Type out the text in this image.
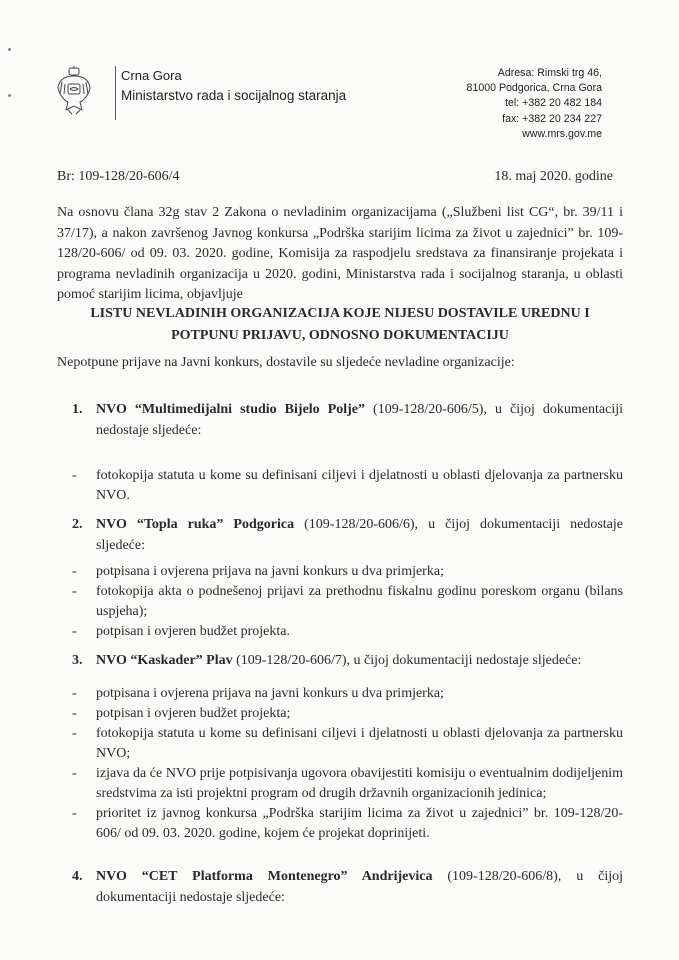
Crna Gora
Ministarstvo rada i socijalnog staranja
Adresa: Rimski trg 46,
81000 Podgorica, Crna Gora
tel: +382 20 482 184
fax: +382 20 234 227
www.mrs.gov.me
Br: 109-128/20-606/4	18. maj 2020. godine
Na osnovu člana 32g stav 2 Zakona o nevladinim organizacijama („Službeni list CG“, br. 39/11 i 37/17), a nakon završenog Javnog konkursa „Podrška starijim licima za život u zajednici” br. 109-128/20-606/ od 09. 03. 2020. godine, Komisija za raspodjelu sredstava za finansiranje projekata i programa nevladinih organizacija u 2020. godini, Ministarstva rada i socijalnog staranja, u oblasti pomoć starijim licima, objavljuje
LISTU NEVLADINIH ORGANIZACIJA KOJE NIJESU DOSTAVILE UREDNU I
POTPUNU PRIJAVU, ODNOSNO DOKUMENTACIJU
Nepotpune prijave na Javni konkurs, dostavile su sljedeće nevladine organizacije:
1. NVO “Multimedijalni studio Bijelo Polje” (109-128/20-606/5), u čijoj dokumentaciji nedostaje sljedeće:
- fotokopija statuta u kome su definisani ciljevi i djelatnosti u oblasti djelovanja za partnersku NVO.
2. NVO “Topla ruka” Podgorica (109-128/20-606/6), u čijoj dokumentaciji nedostaje sljedeće:
- potpisana i ovjerena prijava na javni konkurs u dva primjerka;
- fotokopija akta o podnešenoj prijavi za prethodnu fiskalnu godinu poreskom organu (bilans uspjeha);
- potpisan i ovjeren budžet projekta.
3. NVO “Kaskader” Plav (109-128/20-606/7), u čijoj dokumentaciji nedostaje sljedeće:
- potpisana i ovjerena prijava na javni konkurs u dva primjerka;
- potpisan i ovjeren budžet projekta;
- fotokopija statuta u kome su definisani ciljevi i djelatnosti u oblasti djelovanja za partnersku NVO;
- izjava da će NVO prije potpisivanja ugovora obavijestiti komisiju o eventualnim dodijeljenim sredstvima za isti projektni program od drugih državnih organizacionih jedinica;
- prioritet iz javnog konkursa „Podrška starijim licima za život u zajednici” br. 109-128/20-606/ od 09. 03. 2020. godine, kojem će projekat doprinijeti.
4. NVO “CET Platforma Montenegro” Andrijevica (109-128/20-606/8), u čijoj dokumentaciji nedostaje sljedeće:
